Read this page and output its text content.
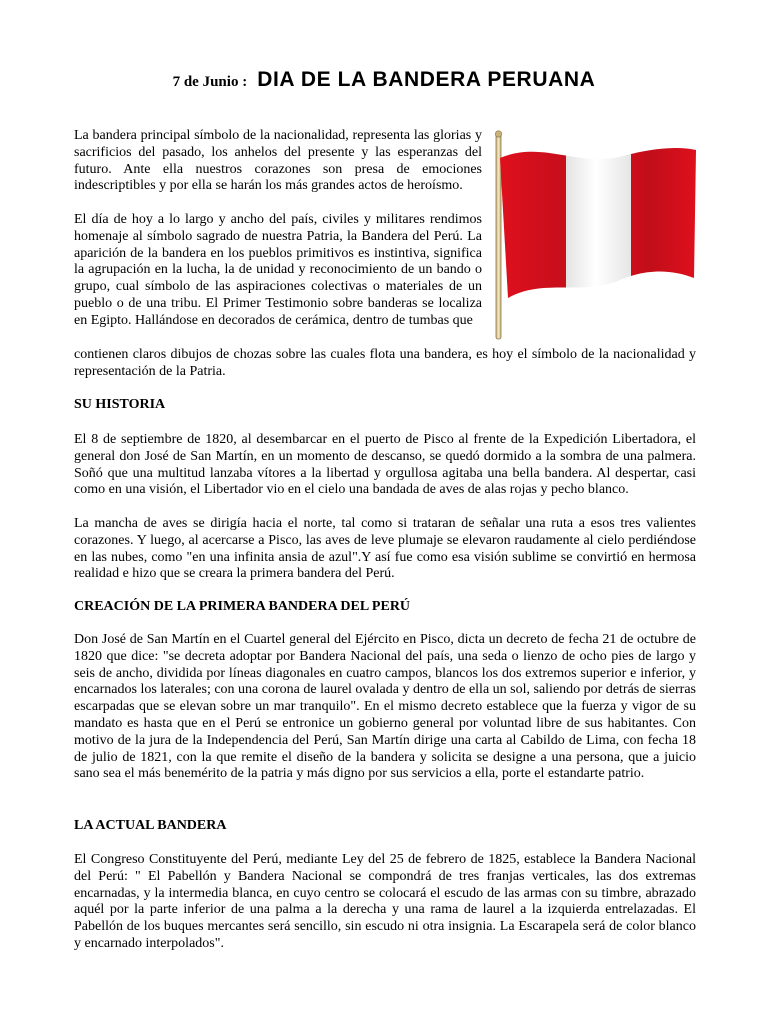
7 de Junio : DIA DE LA BANDERA PERUANA

La bandera principal símbolo de la nacionalidad, representa las glorias y sacrificios del pasado, los anhelos del presente y las esperanzas del futuro. Ante ella nuestros corazones son presa de emociones indescriptibles y por ella se harán los más grandes actos de heroísmo.

El día de hoy a lo largo y ancho del país, civiles y militares rendimos homenaje al símbolo sagrado de nuestra Patria, la Bandera del Perú. La aparición de la bandera en los pueblos primitivos es instintiva, significa la agrupación en la lucha, la de unidad y reconocimiento de un bando o grupo, cual símbolo de las aspiraciones colectivas o materiales de un pueblo o de una tribu. El Primer Testimonio sobre banderas se localiza en Egipto. Hallándose en decorados de cerámica, dentro de tumbas que

contienen claros dibujos de chozas sobre las cuales flota una bandera, es hoy el símbolo de la nacionalidad y representación de la Patria.

SU HISTORIA

El 8 de septiembre de 1820, al desembarcar en el puerto de Pisco al frente de la Expedición Libertadora, el general don José de San Martín, en un momento de descanso, se quedó dormido a la sombra de una palmera. Soñó que una multitud lanzaba vítores a la libertad y orgullosa agitaba una bella bandera. Al despertar, casi como en una visión, el Libertador vio en el cielo una bandada de aves de alas rojas y pecho blanco.

La mancha de aves se dirigía hacia el norte, tal como si trataran de señalar una ruta a esos tres valientes corazones. Y luego, al acercarse a Pisco, las aves de leve plumaje se elevaron raudamente al cielo perdiéndose en las nubes, como "en una infinita ansia de azul".Y así fue como esa visión sublime se convirtió en hermosa realidad e hizo que se creara la primera bandera del Perú.

CREACIÓN DE LA PRIMERA BANDERA DEL PERÚ

Don José de San Martín en el Cuartel general del Ejército en Pisco, dicta un decreto de fecha 21 de octubre de 1820 que dice: "se decreta adoptar por Bandera Nacional del país, una seda o lienzo de ocho pies de largo y seis de ancho, dividida por líneas diagonales en cuatro campos, blancos los dos extremos superior e inferior, y encarnados los laterales; con una corona de laurel ovalada y dentro de ella un sol, saliendo por detrás de sierras escarpadas que se elevan sobre un mar tranquilo". En el mismo decreto establece que la fuerza y vigor de su mandato es hasta que en el Perú se entronice un gobierno general por voluntad libre de sus habitantes. Con motivo de la jura de la Independencia del Perú, San Martín dirige una carta al Cabildo de Lima, con fecha 18 de julio de 1821, con la que remite el diseño de la bandera y solicita se designe a una persona, que a juicio sano sea el más benemérito de la patria y más digno por sus servicios a ella, porte el estandarte patrio.

LA ACTUAL BANDERA

El Congreso Constituyente del Perú, mediante Ley del 25 de febrero de 1825, establece la Bandera Nacional del Perú: " El Pabellón y Bandera Nacional se compondrá de tres franjas verticales, las dos extremas encarnadas, y la intermedia blanca, en cuyo centro se colocará el escudo de las armas con su timbre, abrazado aquél por la parte inferior de una palma a la derecha y una rama de laurel a la izquierda entrelazadas. El Pabellón de los buques mercantes será sencillo, sin escudo ni otra insignia. La Escarapela será de color blanco y encarnado interpolados".
